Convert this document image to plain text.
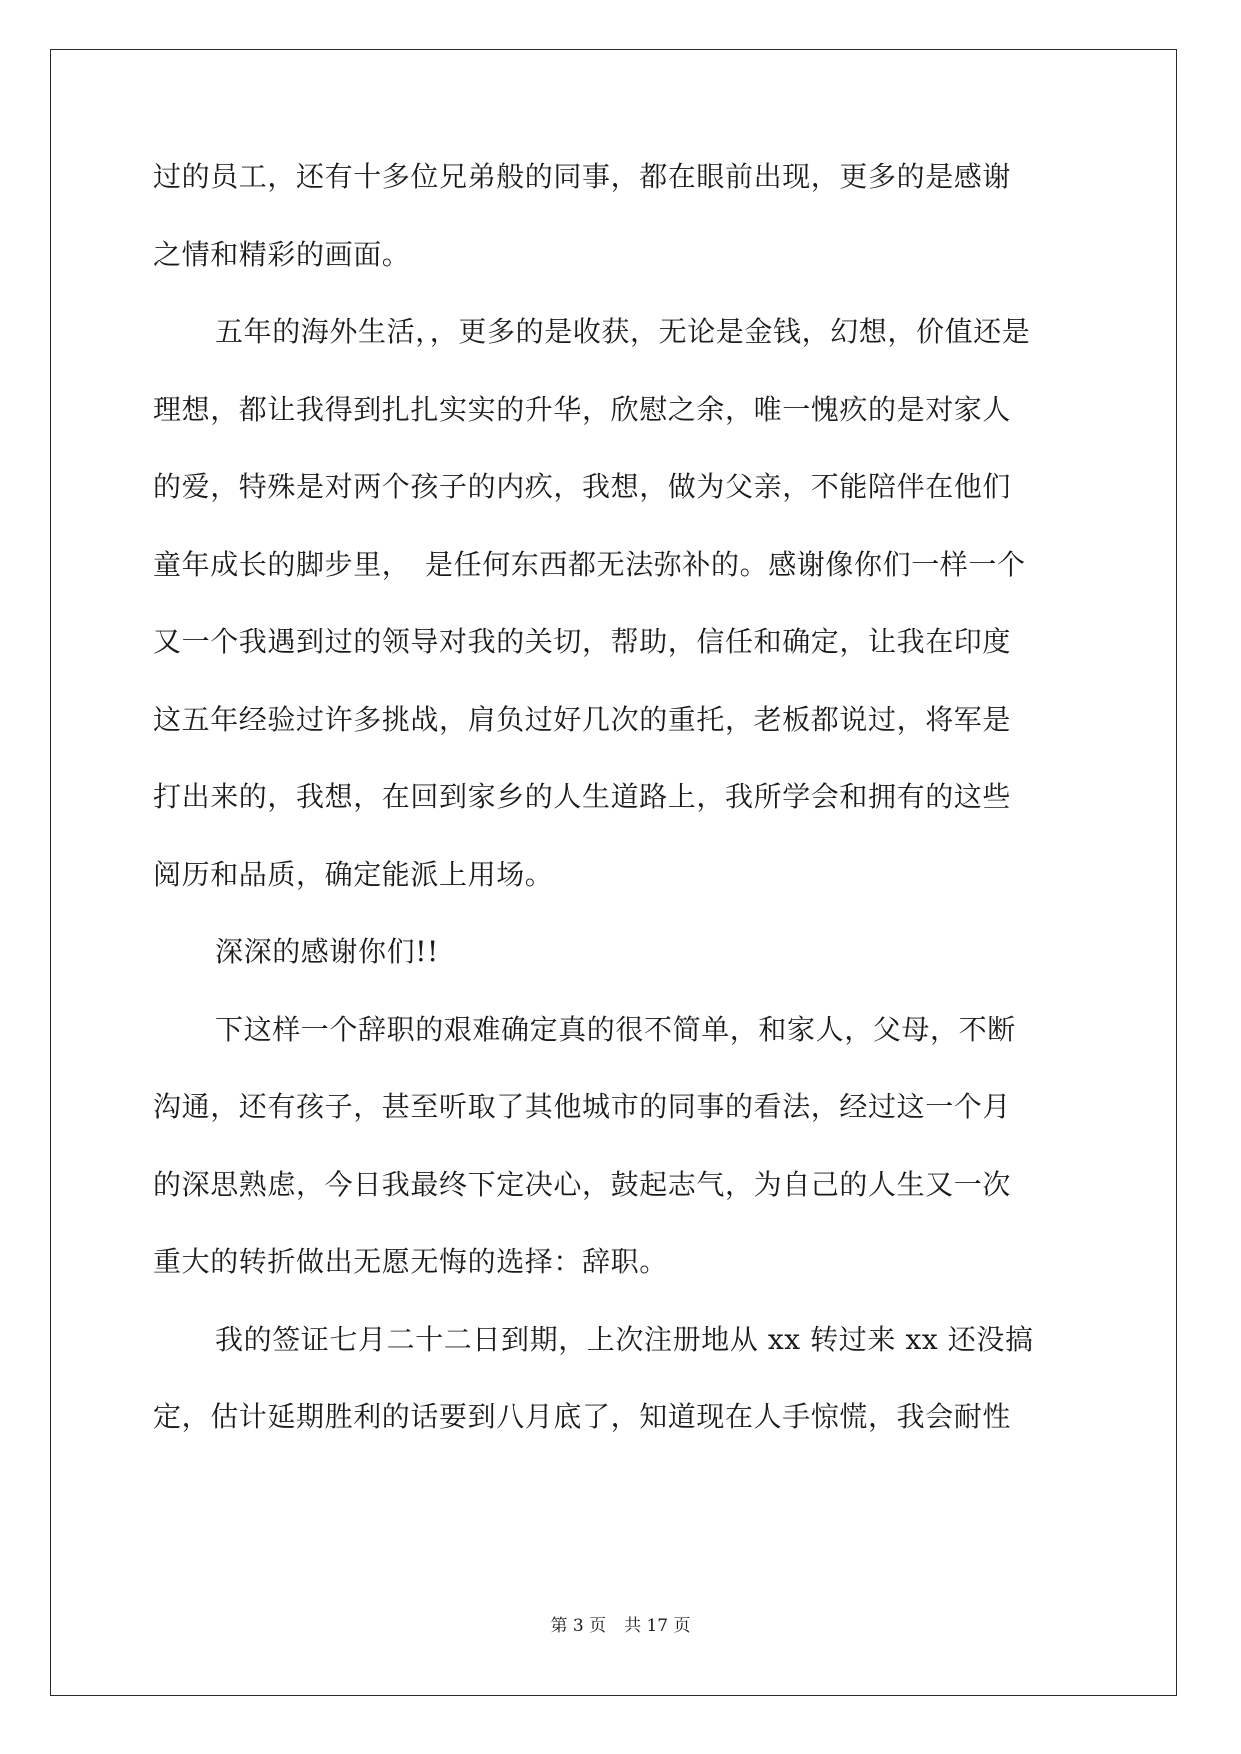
过的员工，还有十多位兄弟般的同事，都在眼前出现，更多的是感谢
之情和精彩的画面。
五年的海外生活，，更多的是收获，无论是金钱，幻想，价值还是
理想，都让我得到扎扎实实的升华，欣慰之余，唯一愧疚的是对家人
的爱，特殊是对两个孩子的内疚，我想，做为父亲，不能陪伴在他们
童年成长的脚步里，　是任何东西都无法弥补的。感谢像你们一样一个
又一个我遇到过的领导对我的关切，帮助，信任和确定，让我在印度
这五年经验过许多挑战，肩负过好几次的重托，老板都说过，将军是
打出来的，我想，在回到家乡的人生道路上，我所学会和拥有的这些
阅历和品质，确定能派上用场。
深深的感谢你们!!
下这样一个辞职的艰难确定真的很不简单，和家人，父母，不断
沟通，还有孩子，甚至听取了其他城市的同事的看法，经过这一个月
的深思熟虑，今日我最终下定决心，鼓起志气，为自己的人生又一次
重大的转折做出无愿无悔的选择：辞职。
我的签证七月二十二日到期，上次注册地从 xx 转过来 xx 还没搞
定，估计延期胜利的话要到八月底了，知道现在人手惊慌，我会耐性
第 3 页 共 17 页
